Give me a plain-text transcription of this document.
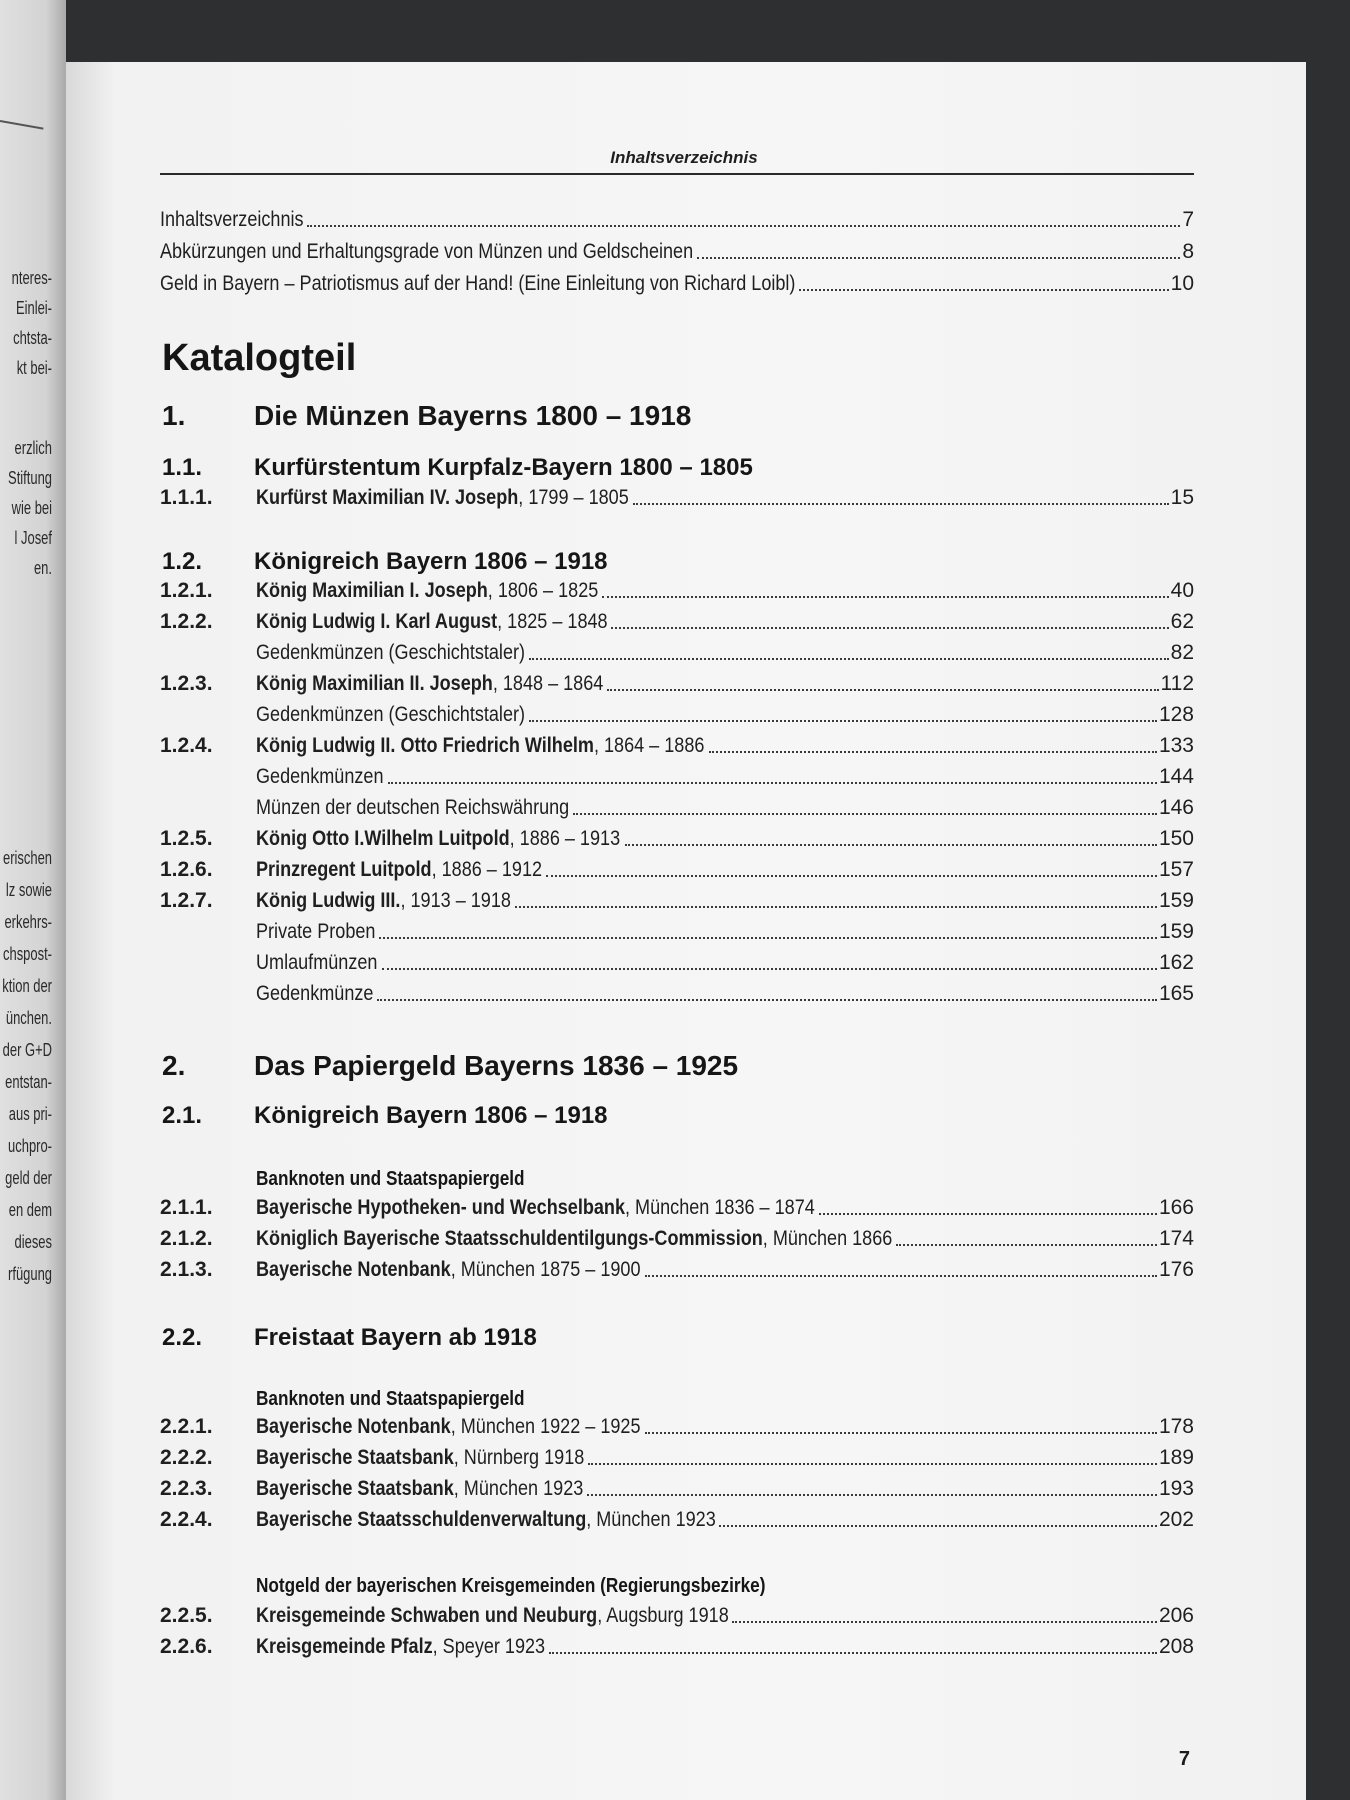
nteres-
Einlei-
chtsta-
kt bei-
erzlich
Stiftung
wie bei
l Josef
en.
erischen
lz sowie
erkehrs-
chspost-
ktion der
ünchen.
der G+D
entstan-
aus pri-
uchpro-
geld der
en dem
dieses
rfügung
Inhaltsverzeichnis
Inhaltsverzeichnis	7
Abkürzungen und Erhaltungsgrade von Münzen und Geldscheinen	8
Geld in Bayern – Patriotismus auf der Hand! (Eine Einleitung von Richard Loibl)	10
Katalogteil
1.	Die Münzen Bayerns 1800 – 1918
1.1.	Kurfürstentum Kurpfalz-Bayern 1800 – 1805
1.1.1.	Kurfürst Maximilian IV. Joseph, 1799 – 1805	15
1.2.	Königreich Bayern 1806 – 1918
1.2.1.	König Maximilian I. Joseph, 1806 – 1825	40
1.2.2.	König Ludwig I. Karl August, 1825 – 1848	62
Gedenkmünzen (Geschichtstaler)	82
1.2.3.	König Maximilian II. Joseph, 1848 – 1864	112
Gedenkmünzen (Geschichtstaler)	128
1.2.4.	König Ludwig II. Otto Friedrich Wilhelm, 1864 – 1886	133
Gedenkmünzen	144
Münzen der deutschen Reichswährung	146
1.2.5.	König Otto I.Wilhelm Luitpold, 1886 – 1913	150
1.2.6.	Prinzregent Luitpold, 1886 – 1912	157
1.2.7.	König Ludwig III., 1913 – 1918	159
Private Proben	159
Umlaufmünzen	162
Gedenkmünze	165
2.	Das Papiergeld Bayerns 1836 – 1925
2.1.	Königreich Bayern 1806 – 1918
Banknoten und Staatspapiergeld
2.1.1.	Bayerische Hypotheken- und Wechselbank, München 1836 – 1874	166
2.1.2.	Königlich Bayerische Staatsschuldentilgungs-Commission, München 1866	174
2.1.3.	Bayerische Notenbank, München 1875 – 1900	176
2.2.	Freistaat Bayern ab 1918
Banknoten und Staatspapiergeld
2.2.1.	Bayerische Notenbank, München 1922 – 1925	178
2.2.2.	Bayerische Staatsbank, Nürnberg 1918	189
2.2.3.	Bayerische Staatsbank, München 1923	193
2.2.4.	Bayerische Staatsschuldenverwaltung, München 1923	202
Notgeld der bayerischen Kreisgemeinden (Regierungsbezirke)
2.2.5.	Kreisgemeinde Schwaben und Neuburg, Augsburg 1918	206
2.2.6.	Kreisgemeinde Pfalz, Speyer 1923	208
7
